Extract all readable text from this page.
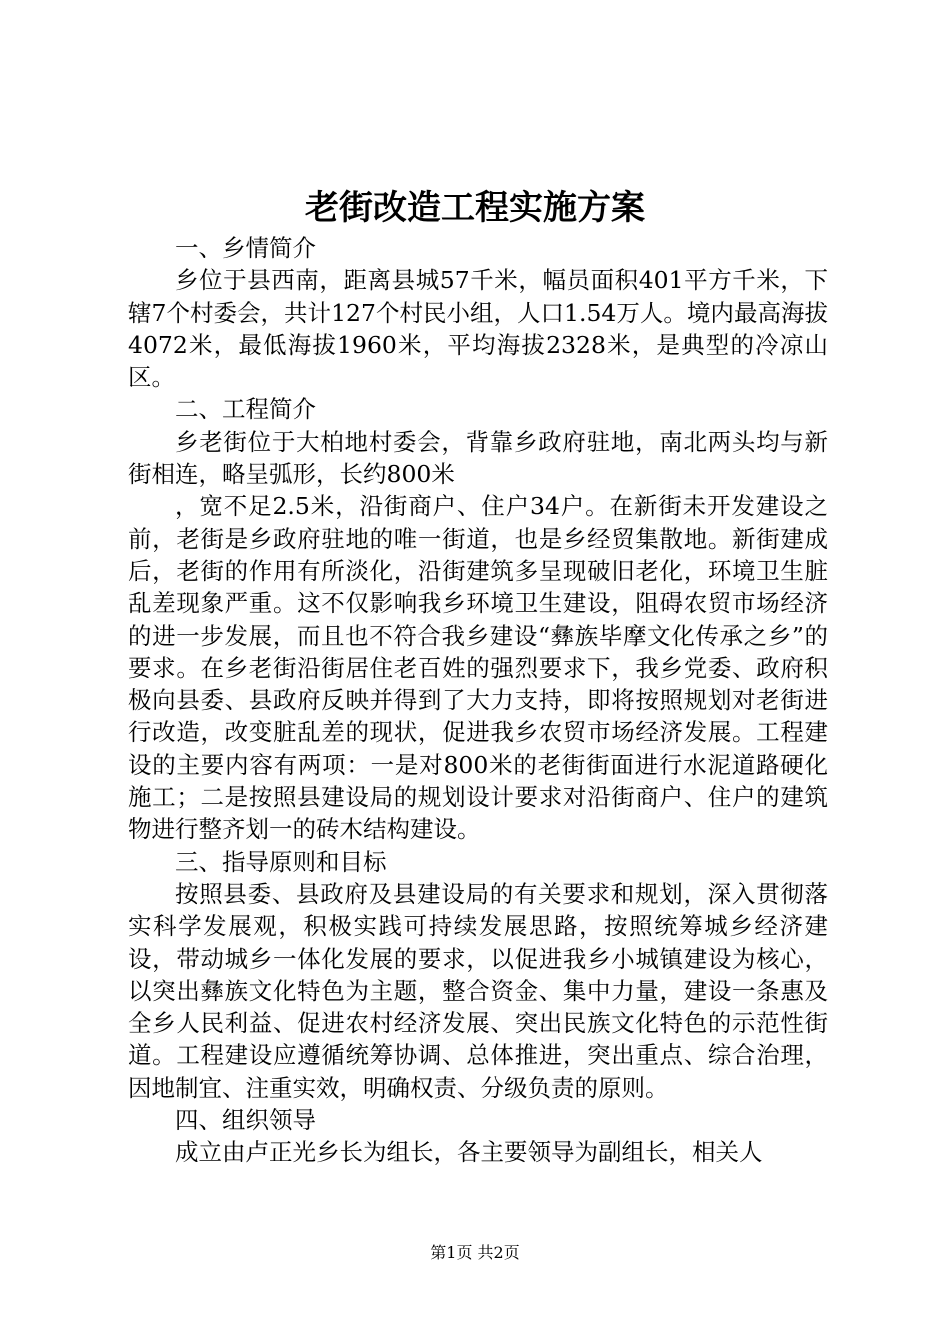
老街改造工程实施方案

一、乡情简介

乡位于县西南，距离县城57千米，幅员面积401平方千米，下辖7个村委会，共计127个村民小组，人口1.54万人。境内最高海拔4072米，最低海拔1960米，平均海拔2328米，是典型的冷凉山区。

二、工程简介

乡老街位于大柏地村委会，背靠乡政府驻地，南北两头均与新街相连，略呈弧形，长约800米

，宽不足2.5米，沿街商户、住户34户。在新街未开发建设之前，老街是乡政府驻地的唯一街道，也是乡经贸集散地。新街建成后，老街的作用有所淡化，沿街建筑多呈现破旧老化，环境卫生脏乱差现象严重。这不仅影响我乡环境卫生建设，阻碍农贸市场经济的进一步发展，而且也不符合我乡建设“彝族毕摩文化传承之乡”的要求。在乡老街沿街居住老百姓的强烈要求下，我乡党委、政府积极向县委、县政府反映并得到了大力支持，即将按照规划对老街进行改造，改变脏乱差的现状，促进我乡农贸市场经济发展。工程建设的主要内容有两项：一是对800米的老街街面进行水泥道路硬化施工；二是按照县建设局的规划设计要求对沿街商户、住户的建筑物进行整齐划一的砖木结构建设。

三、指导原则和目标

按照县委、县政府及县建设局的有关要求和规划，深入贯彻落实科学发展观，积极实践可持续发展思路，按照统筹城乡经济建设，带动城乡一体化发展的要求，以促进我乡小城镇建设为核心，以突出彝族文化特色为主题，整合资金、集中力量，建设一条惠及全乡人民利益、促进农村经济发展、突出民族文化特色的示范性街道。工程建设应遵循统筹协调、总体推进，突出重点、综合治理，因地制宜、注重实效，明确权责、分级负责的原则。

四、组织领导

成立由卢正光乡长为组长，各主要领导为副组长，相关人

第1页 共2页
